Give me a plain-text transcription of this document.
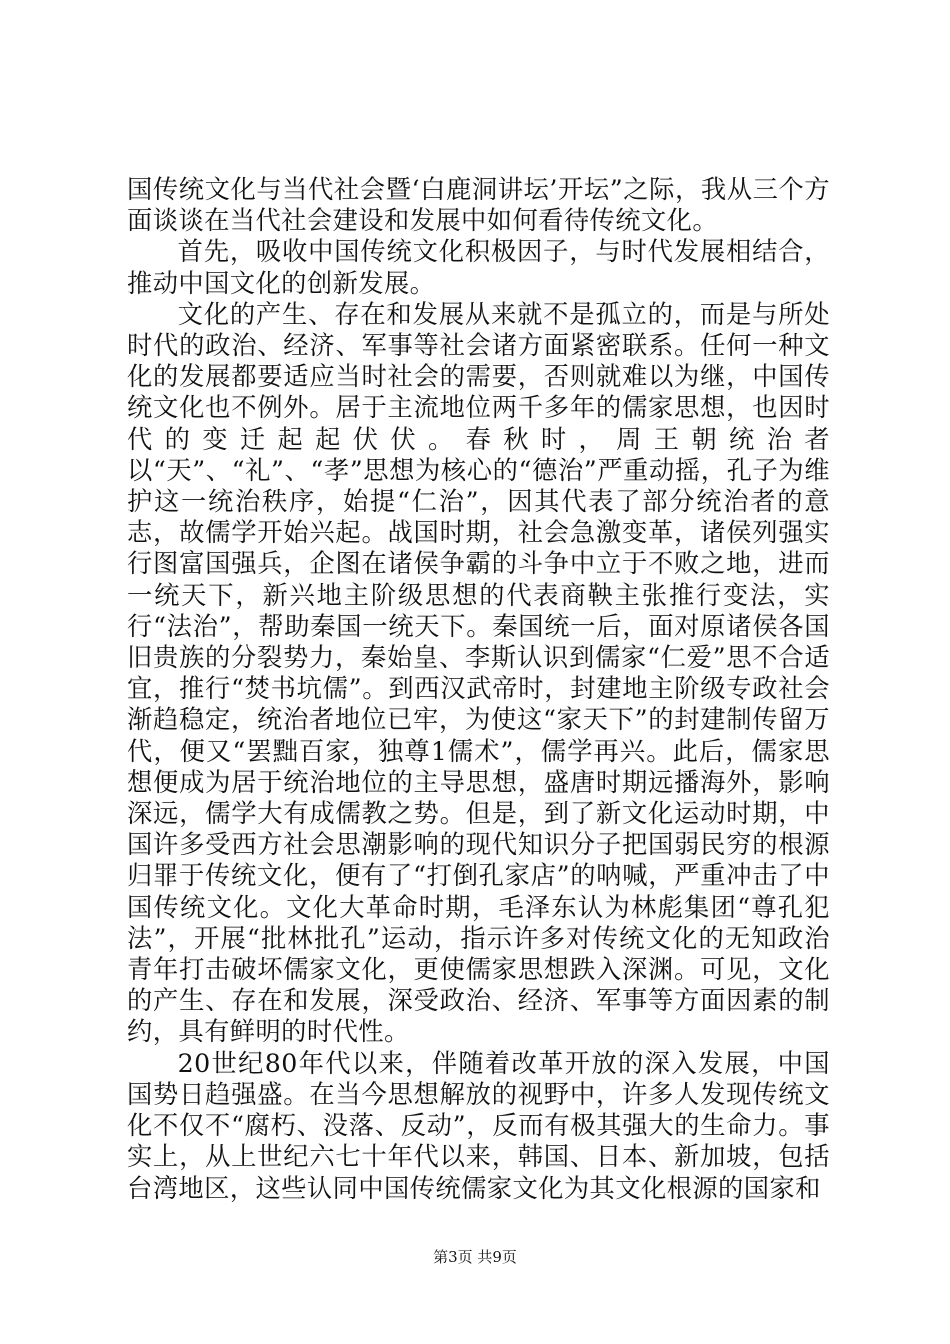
国传统文化与当代社会暨‘白鹿洞讲坛’开坛”之际，我从三个方面谈谈在当代社会建设和发展中如何看待传统文化。

首先，吸收中国传统文化积极因子，与时代发展相结合，推动中国文化的创新发展。

文化的产生、存在和发展从来就不是孤立的，而是与所处时代的政治、经济、军事等社会诸方面紧密联系。任何一种文化的发展都要适应当时社会的需要，否则就难以为继，中国传统文化也不例外。居于主流地位两千多年的儒家思想，也因时代的变迁起起伏伏。春秋时，周王朝统治者以“天”、“礼”、“孝”思想为核心的“德治”严重动摇，孔子为维护这一统治秩序，始提“仁治”，因其代表了部分统治者的意志，故儒学开始兴起。战国时期，社会急激变革，诸侯列强实行图富国强兵，企图在诸侯争霸的斗争中立于不败之地，进而一统天下，新兴地主阶级思想的代表商鞅主张推行变法，实行“法治”，帮助秦国一统天下。秦国统一后，面对原诸侯各国旧贵族的分裂势力，秦始皇、李斯认识到儒家“仁爱”思不合适宜，推行“焚书坑儒”。到西汉武帝时，封建地主阶级专政社会渐趋稳定，统治者地位已牢，为使这“家天下”的封建制传留万代，便又“罢黜百家，独尊1儒术”，儒学再兴。此后，儒家思想便成为居于统治地位的主导思想，盛唐时期远播海外，影响深远，儒学大有成儒教之势。但是，到了新文化运动时期，中国许多受西方社会思潮影响的现代知识分子把国弱民穷的根源归罪于传统文化，便有了“打倒孔家店”的呐喊，严重冲击了中国传统文化。文化大革命时期，毛泽东认为林彪集团“尊孔犯法”，开展“批林批孔”运动，指示许多对传统文化的无知政治青年打击破坏儒家文化，更使儒家思想跌入深渊。可见，文化的产生、存在和发展，深受政治、经济、军事等方面因素的制约，具有鲜明的时代性。

20世纪80年代以来，伴随着改革开放的深入发展，中国国势日趋强盛。在当今思想解放的视野中，许多人发现传统文化不仅不“腐朽、没落、反动”，反而有极其强大的生命力。事实上，从上世纪六七十年代以来，韩国、日本、新加坡，包括台湾地区，这些认同中国传统儒家文化为其文化根源的国家和

第3页 共9页
